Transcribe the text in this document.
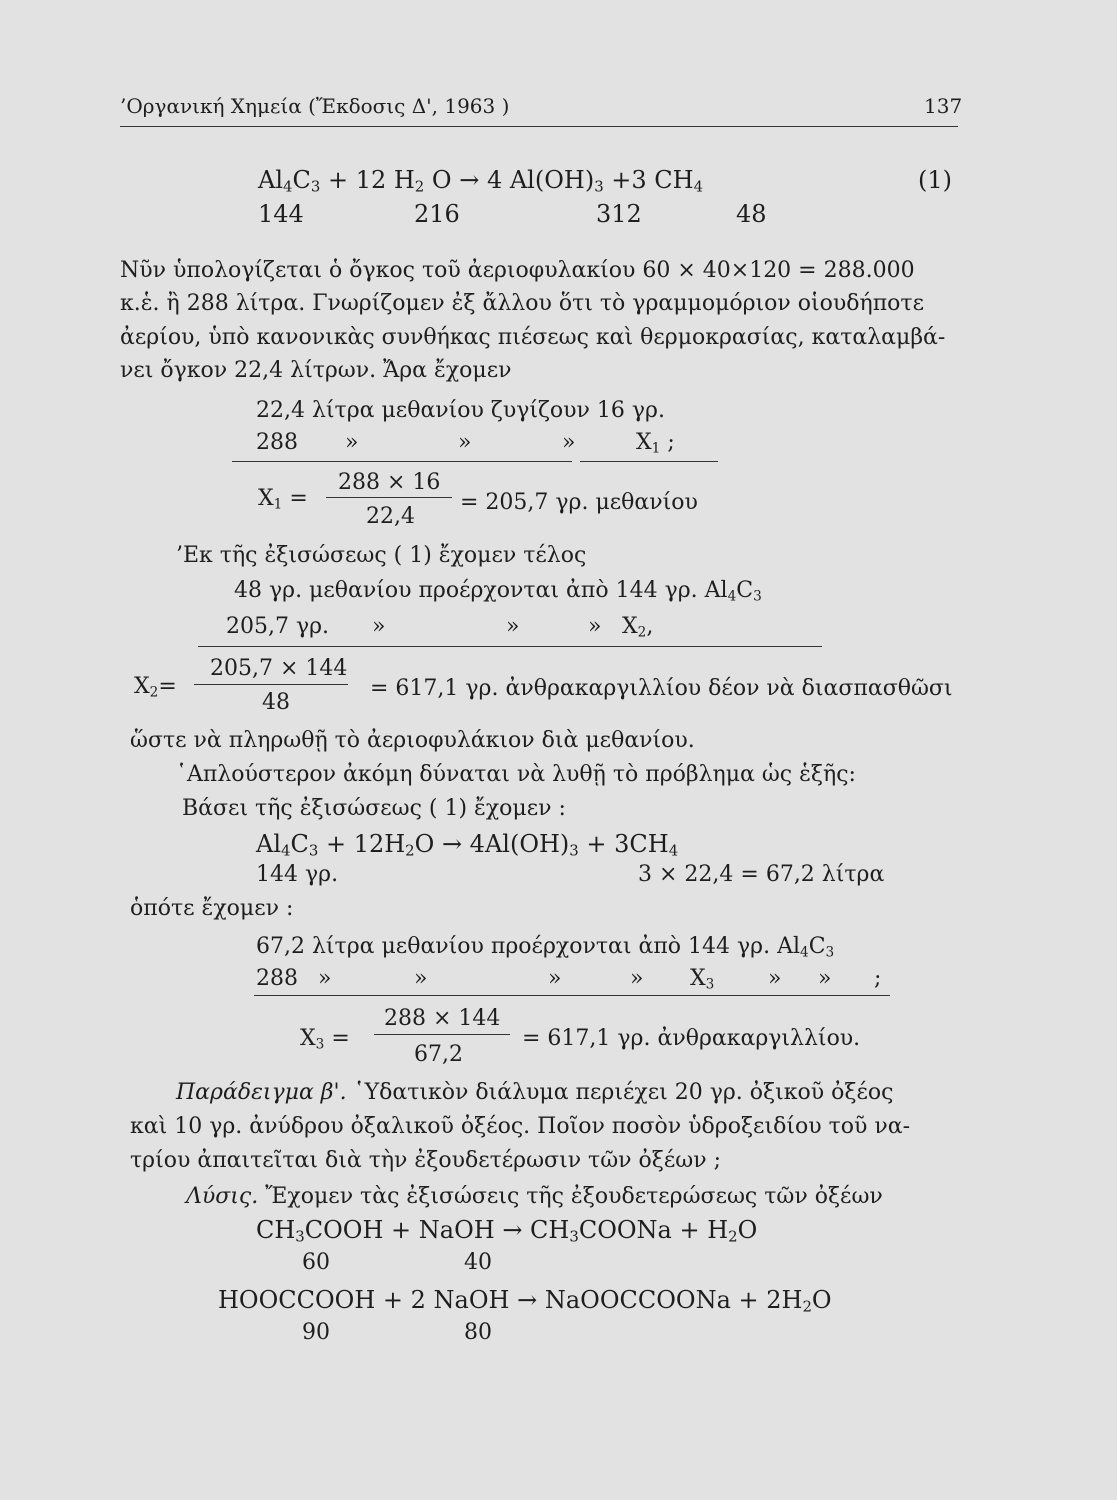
’Οργανική Χημεία (Ἔκδοσις Δ', 1963 )	137
$Al_4C_3 + 12$ $H_2$ O → 4 $Al(OH)_3 +3$ $CH_4$	(1)
144	216	312	48
Νῦν ὑπολογίζεται ὁ ὄγκος τοῦ ἀεριοφυλακίου 60 × 40×120 = 288.000
κ.ἑ. ἢ 288 λίτρα. Γνωρίζομεν ἐξ ἄλλου ὅτι τὸ γραμμομόριον οἱουδήποτε
ἀερίου, ὑπὸ κανονικὰς συνθήκας πιέσεως καὶ θερμοκρασίας, καταλαμβά-
νει ὄγκον 22,4 λίτρων. Ἄρα ἔχομεν
22,4 λίτρα μεθανίου ζυγίζουν 16 γρ.
288 »	»	»	$X_1$ ;
$X_1$ =
288 × 16
22,4
= 205,7 γρ. μεθανίου
’Εκ τῆς ἐξισώσεως ( 1) ἔχομεν τέλος
48 γρ. μεθανίου προέρχονται ἀπὸ 144 γρ. $Al_4C_3$
205,7 γρ. »	»	» $X_2$,
$X_2=$
205,7 × 144
48
= 617,1 γρ. ἀνθρακαργιλλίου δέον νὰ διασπασθῶσι
ὥστε νὰ πληρωθῇ τὸ ἀεριοφυλάκιον διὰ μεθανίου.
῾Απλούστερον ἀκόμη δύναται νὰ λυθῇ τὸ πρόβλημα ὡς ἑξῆς:
Βάσει τῆς ἐξισώσεως ( 1) ἔχομεν :
$Al_4C_3 + 12H_2O \to 4Al(OH)_3 + 3CH_4$
144 γρ.	3 × 22,4 = 67,2 λίτρα
ὁπότε ἔχομεν :
67,2 λίτρα μεθανίου προέρχονται ἀπὸ 144 γρ. $Al_4C_3$
288 »	»	»	» $X_3$ » » ;
$X_3$ =
288 × 144
67,2
= 617,1 γρ. ἀνθρακαργιλλίου.
Παράδειγμα β'. ῾Υδατικὸν διάλυμα περιέχει 20 γρ. ὀξικοῦ ὀξέος
καὶ 10 γρ. ἀνύδρου ὀξαλικοῦ ὀξέος. Ποῖον ποσὸν ὑδροξειδίου τοῦ να-
τρίου ἀπαιτεῖται διὰ τὴν ἐξουδετέρωσιν τῶν ὀξέων ;
Λύσις. Ἔχομεν τὰς ἐξισώσεις τῆς ἐξουδετερώσεως τῶν ὀξέων
$CH_3COOH$ + NaOH → $CH_3COONa + H_2O$
60	40
HOOCCOOH + 2 NaOH → NaOOCCOONa + $2H_2O$
90	80
